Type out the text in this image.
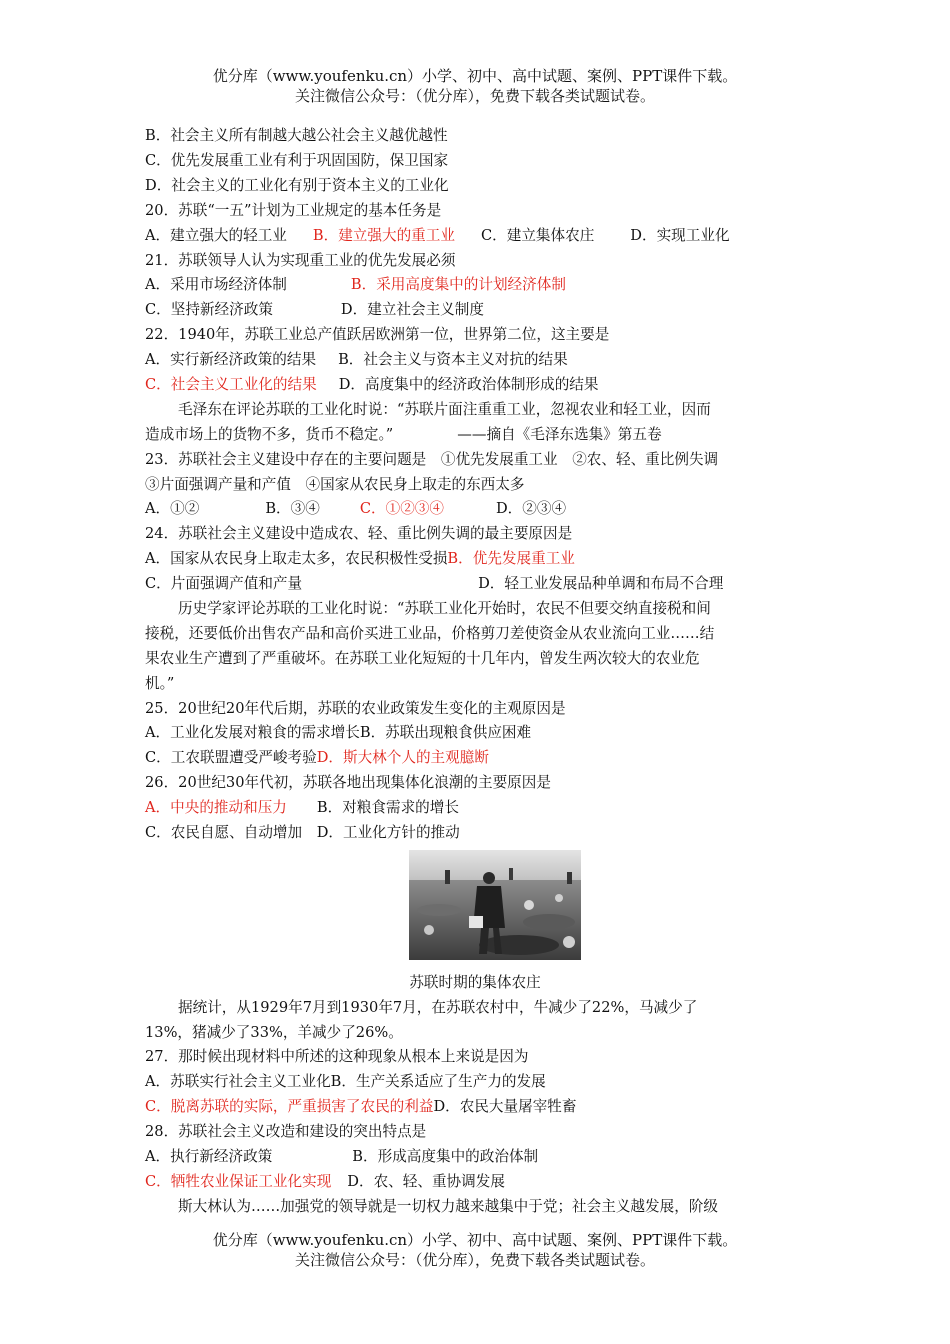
优分库（www.youfenku.cn）小学、初中、高中试题、案例、PPT课件下载。
关注微信公众号：（优分库），免费下载各类试题试卷。
B．社会主义所有制越大越公社会主义越优越性
C．优先发展重工业有利于巩固国防，保卫国家
D．社会主义的工业化有别于资本主义的工业化
20．苏联“一五”计划为工业规定的基本任务是
A．建立强大的轻工业 B．建立强大的重工业 C．建立集体农庄 D．实现工业化
21．苏联领导人认为实现重工业的优先发展必须
A．采用市场经济体制	B．采用高度集中的计划经济体制
C．坚持新经济政策	D．建立社会主义制度
22．1940年，苏联工业总产值跃居欧洲第一位，世界第二位，这主要是
A．实行新经济政策的结果 B．社会主义与资本主义对抗的结果
C．社会主义工业化的结果 D．高度集中的经济政治体制形成的结果
毛泽东在评论苏联的工业化时说：“苏联片面注重重工业，忽视农业和轻工业，因而
造成市场上的货物不多，货币不稳定。”	——摘自《毛泽东选集》第五卷
23．苏联社会主义建设中存在的主要问题是　①优先发展重工业　②农、轻、重比例失调
③片面强调产量和产值　④国家从农民身上取走的东西太多
A．①②	B．③④	C．①②③④	D．②③④
24．苏联社会主义建设中造成农、轻、重比例失调的最主要原因是
A．国家从农民身上取走太多，农民积极性受损B．优先发展重工业
C．片面强调产值和产量	D．轻工业发展品种单调和布局不合理
历史学家评论苏联的工业化时说：“苏联工业化开始时，农民不但要交纳直接税和间
接税，还要低价出售农产品和高价买进工业品，价格剪刀差使资金从农业流向工业……结
果农业生产遭到了严重破坏。在苏联工业化短短的十几年内，曾发生两次较大的农业危
机。”
25．20世纪20年代后期，苏联的农业政策发生变化的主观原因是
A．工业化发展对粮食的需求增长B．苏联出现粮食供应困难
C．工农联盟遭受严峻考验D．斯大林个人的主观臆断
26．20世纪30年代初，苏联各地出现集体化浪潮的主要原因是
A．中央的推动和压力 B．对粮食需求的增长
C．农民自愿、自动增加　D．工业化方针的推动
苏联时期的集体农庄
据统计，从1929年7月到1930年7月，在苏联农村中，牛减少了22%，马减少了
13%，猪减少了33%，羊减少了26%。
27．那时候出现材料中所述的这种现象从根本上来说是因为
A．苏联实行社会主义工业化B．生产关系适应了生产力的发展
C．脱离苏联的实际，严重损害了农民的利益D．农民大量屠宰牲畜
28．苏联社会主义改造和建设的突出特点是
A．执行新经济政策	B．形成高度集中的政治体制
C．牺牲农业保证工业化实现 D．农、轻、重协调发展
斯大林认为……加强党的领导就是一切权力越来越集中于党；社会主义越发展，阶级
优分库（www.youfenku.cn）小学、初中、高中试题、案例、PPT课件下载。
关注微信公众号：（优分库），免费下载各类试题试卷。
